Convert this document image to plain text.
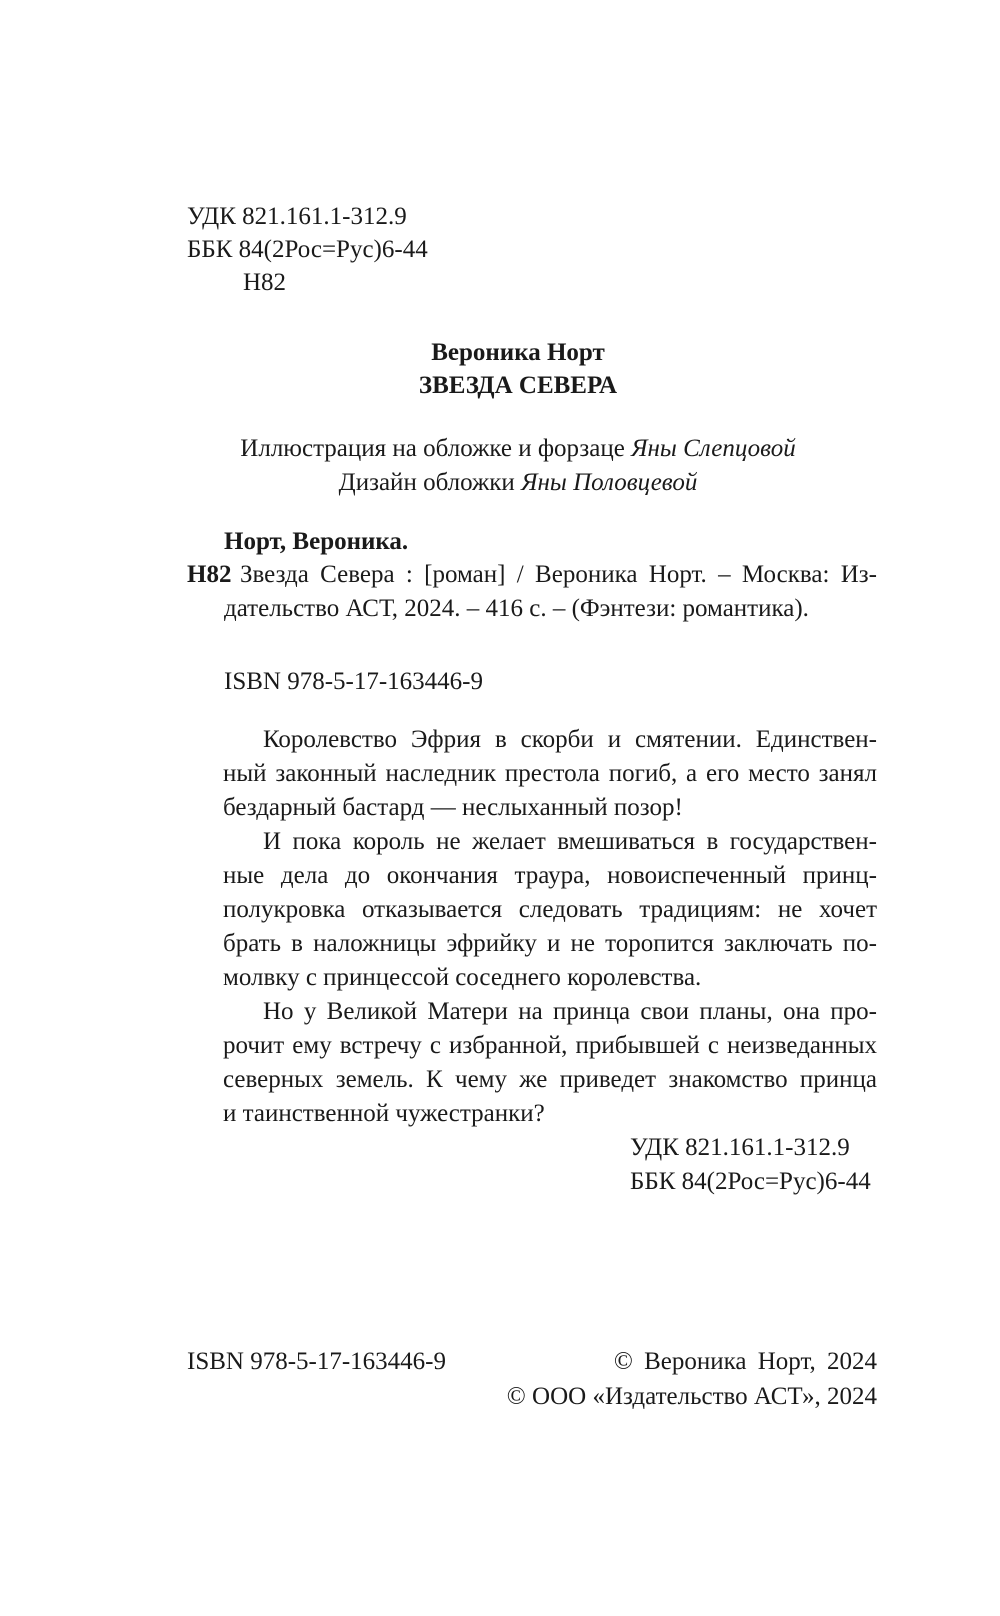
УДК 821.161.1-312.9
ББК 84(2Рос=Рус)6-44
Н82
Вероника Норт
ЗВЕЗДА СЕВЕРА
Иллюстрация на обложке и форзаце Яны Слепцовой
Дизайн обложки Яны Половцевой
Норт, Вероника.
Н82 Звезда Севера : [роман] / Вероника Норт. – Москва: Из-
дательство АСТ, 2024. – 416 с. – (Фэнтези: романтика).
ISBN 978-5-17-163446-9
Королевство Эфрия в скорби и смятении. Единствен-
ный законный наследник престола погиб, а его место занял
бездарный бастард — неслыханный позор!
И пока король не желает вмешиваться в государствен-
ные дела до окончания траура, новоиспеченный принц-
полукровка отказывается следовать традициям: не хочет
брать в наложницы эфрийку и не торопится заключать по-
молвку с принцессой соседнего королевства.
Но у Великой Матери на принца свои планы, она про-
рочит ему встречу с избранной, прибывшей с неизведанных
северных земель. К чему же приведет знакомство принца
и таинственной чужестранки?
УДК 821.161.1-312.9
ББК 84(2Рос=Рус)6-44
ISBN 978-5-17-163446-9	© Вероника Норт, 2024
© ООО «Издательство АСТ», 2024
